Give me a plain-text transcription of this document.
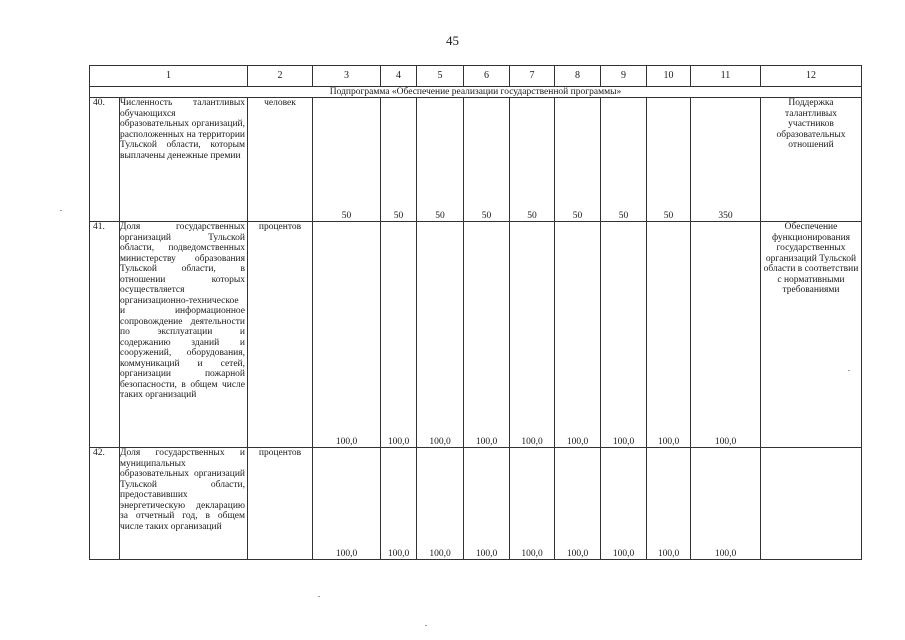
45
1		2	3	4	5	6	7	8	9	10	11	12
Подпрограмма «Обеспечение реализации государственной программы»												
40.	Численность талантливых обучающихся образовательных организаций, расположенных на территории Тульской области, которым выплачены денежные премии	человек	50	50	50	50	50	50	50	50	350	Поддержка талантливых участников образовательных отношений
41.	Доля государственных организаций Тульской области, подведомственных министерству образования Тульской области, в отношении которых осуществляется организационно-техническое и информационное сопровождение деятельности по эксплуатации и содержанию зданий и сооружений, оборудования, коммуникаций и сетей, организации пожарной безопасности, в общем числе таких организаций	процентов	100,0	100,0	100,0	100,0	100,0	100,0	100,0	100,0	100,0	Обеспечение функционирования государственных организаций Тульской области в соответствии с нормативными требованиями
42.	Доля государственных и муниципальных образовательных организаций Тульской области, предоставивших энергетическую декларацию за отчетный год, в общем числе таких организаций	процентов	100,0	100,0	100,0	100,0	100,0	100,0	100,0	100,0	100,0	
